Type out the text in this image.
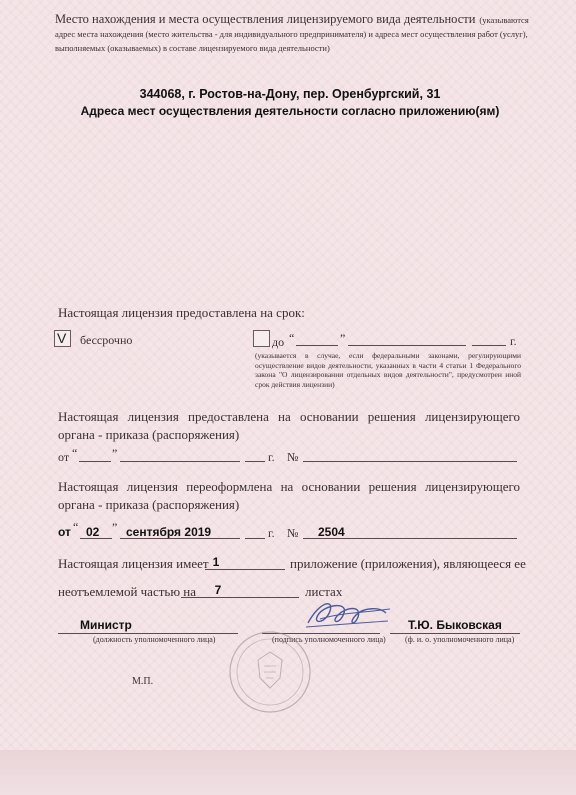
Место нахождения и места осуществления лицензируемого вида деятельности (указываются адрес места нахождения (место жительства - для индивидуального предпринимателя) и адреса мест осуществления работ (услуг), выполняемых (оказываемых) в составе лицензируемого вида деятельности)
344068, г. Ростов-на-Дону, пер. Оренбургский, 31
Адреса мест осуществления деятельности согласно приложению(ям)
Настоящая лицензия предоставлена на срок:
V бессрочно	до “	”	г.
(указывается в случае, если федеральными законами, регулирующими осуществление видов деятельности, указанных в части 4 статьи 1 Федерального закона "О лицензировании отдельных видов деятельности", предусмотрен иной срок действия лицензии)
Настоящая лицензия предоставлена на основании решения лицензирующего органа - приказа (распоряжения)
от “	”	г. №
Настоящая лицензия переоформлена на основании решения лицензирующего органа - приказа (распоряжения)
от “ 02 ” сентября 2019	г. № 2504
Настоящая лицензия имеет 1	приложение (приложения), являющееся ее
неотъемлемой частью на	7	листах
Министр
(должность уполномоченного лица)	(подпись уполномоченного лица)
Т.Ю. Быковская
(ф. и. о. уполномоченного лица)
М.П.
